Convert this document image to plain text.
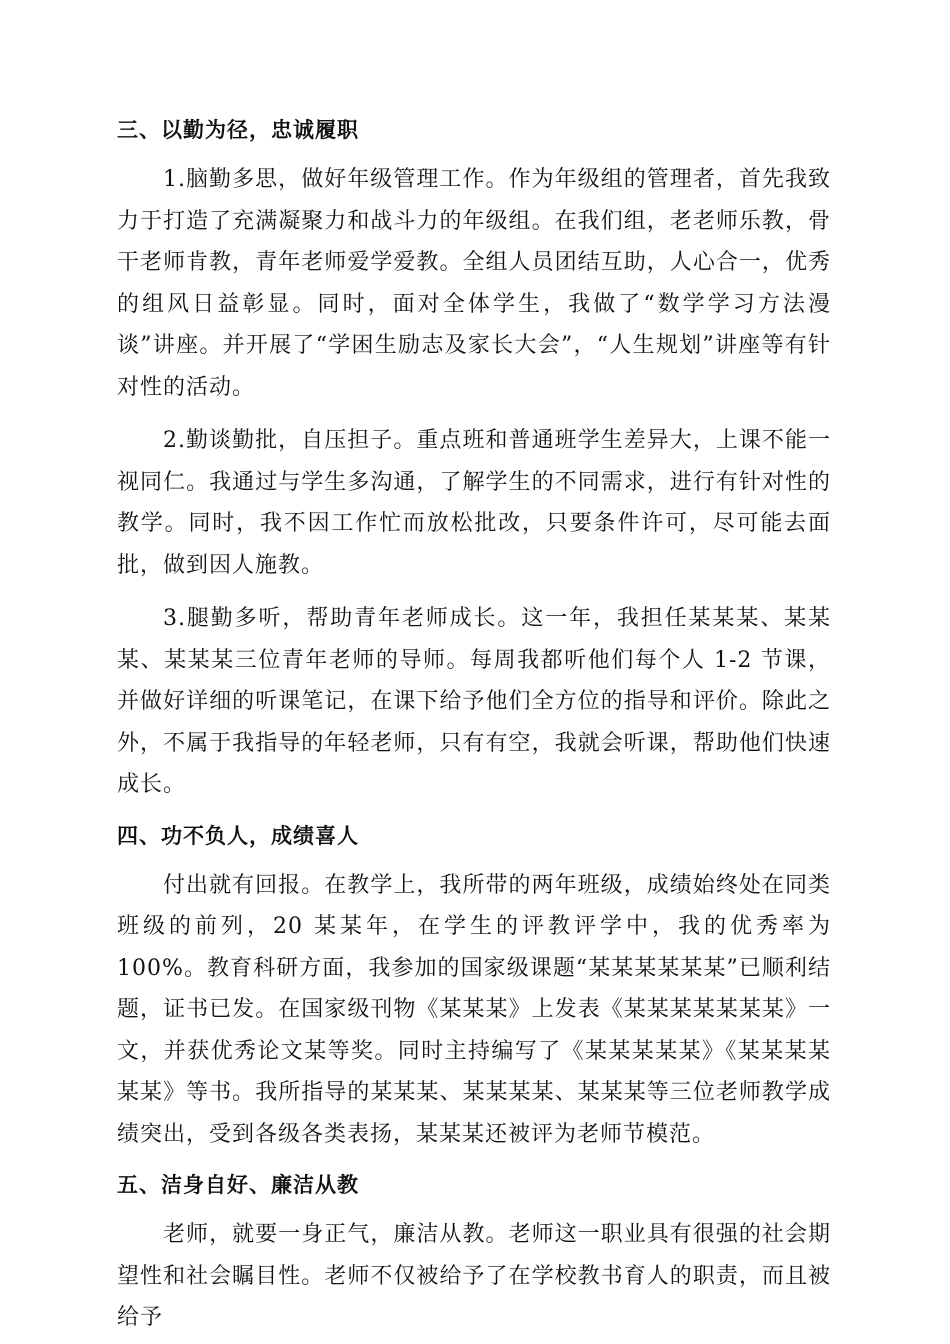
三、以勤为径，忠诚履职

1.脑勤多思，做好年级管理工作。作为年级组的管理者，首先我致力于打造了充满凝聚力和战斗力的年级组。在我们组，老老师乐教，骨干老师肯教，青年老师爱学爱教。全组人员团结互助，人心合一，优秀的组风日益彰显。同时，面对全体学生，我做了“数学学习方法漫谈”讲座。并开展了“学困生励志及家长大会”，“人生规划”讲座等有针对性的活动。

2.勤谈勤批，自压担子。重点班和普通班学生差异大，上课不能一视同仁。我通过与学生多沟通，了解学生的不同需求，进行有针对性的教学。同时，我不因工作忙而放松批改，只要条件许可，尽可能去面批，做到因人施教。

3.腿勤多听，帮助青年老师成长。这一年，我担任某某某、某某某、某某某三位青年老师的导师。每周我都听他们每个人 1-2 节课，并做好详细的听课笔记，在课下给予他们全方位的指导和评价。除此之外，不属于我指导的年轻老师，只有有空，我就会听课，帮助他们快速成长。

四、功不负人，成绩喜人

付出就有回报。在教学上，我所带的两年班级，成绩始终处在同类班级的前列，20 某某年，在学生的评教评学中，我的优秀率为 100%。教育科研方面，我参加的国家级课题“某某某某某某”已顺利结题，证书已发。在国家级刊物《某某某》上发表《某某某某某某某》一文，并获优秀论文某等奖。同时主持编写了《某某某某某》《某某某某某某》等书。我所指导的某某某、某某某某、某某某等三位老师教学成绩突出，受到各级各类表扬，某某某还被评为老师节模范。

五、洁身自好、廉洁从教

老师，就要一身正气，廉洁从教。老师这一职业具有很强的社会期望性和社会瞩目性。老师不仅被给予了在学校教书育人的职责，而且被给予
